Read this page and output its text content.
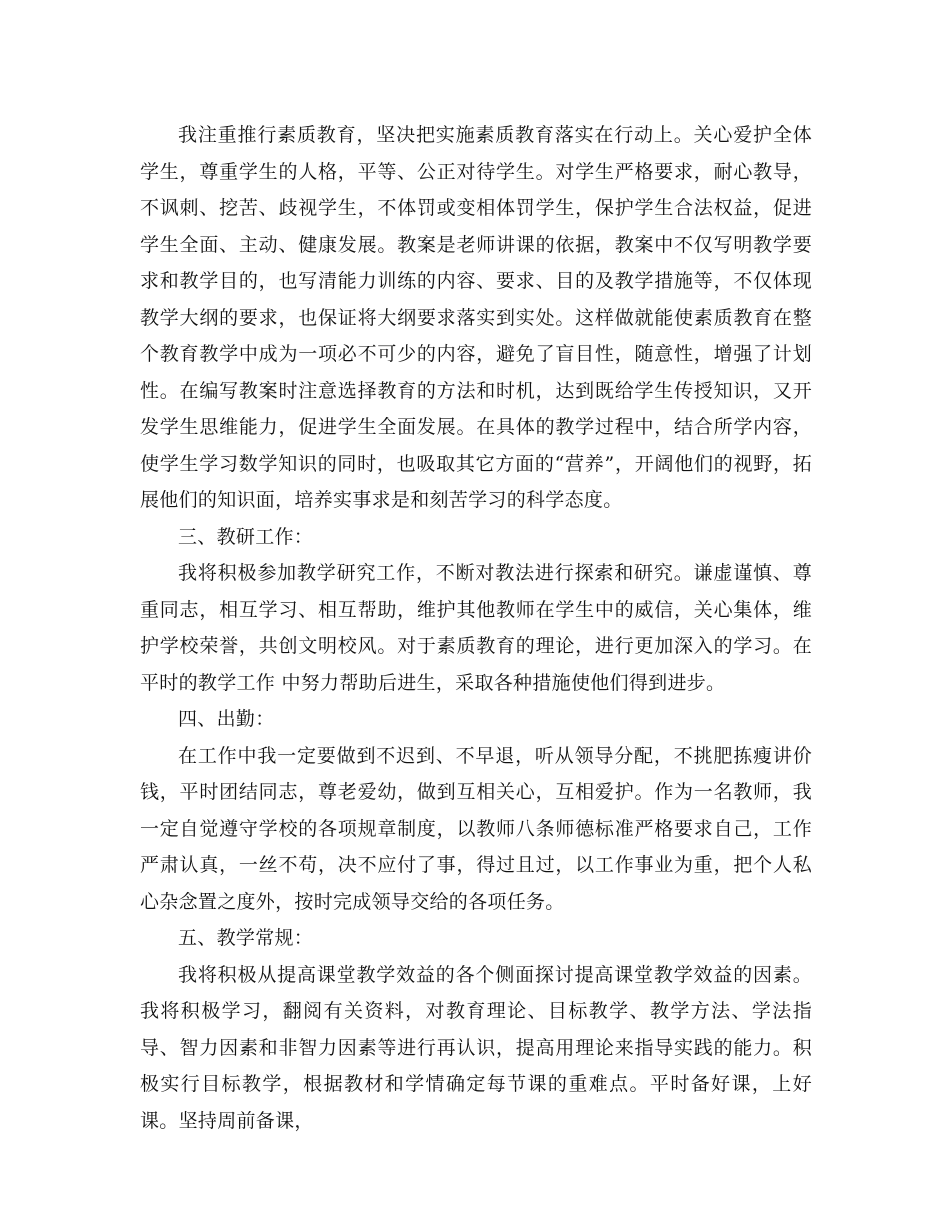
我注重推行素质教育，坚决把实施素质教育落实在行动上。关心爱护全体学生，尊重学生的人格，平等、公正对待学生。对学生严格要求，耐心教导，不讽刺、挖苦、歧视学生，不体罚或变相体罚学生，保护学生合法权益，促进学生全面、主动、健康发展。教案是老师讲课的依据，教案中不仅写明教学要求和教学目的，也写清能力训练的内容、要求、目的及教学措施等，不仅体现教学大纲的要求，也保证将大纲要求落实到实处。这样做就能使素质教育在整个教育教学中成为一项必不可少的内容，避免了盲目性，随意性，增强了计划性。在编写教案时注意选择教育的方法和时机，达到既给学生传授知识，又开发学生思维能力，促进学生全面发展。在具体的教学过程中，结合所学内容，使学生学习数学知识的同时，也吸取其它方面的“营养”，开阔他们的视野，拓展他们的知识面，培养实事求是和刻苦学习的科学态度。

三、教研工作：

我将积极参加教学研究工作，不断对教法进行探索和研究。谦虚谨慎、尊重同志，相互学习、相互帮助，维护其他教师在学生中的威信，关心集体，维护学校荣誉，共创文明校风。对于素质教育的理论，进行更加深入的学习。在平时的教学工作 中努力帮助后进生，采取各种措施使他们得到进步。

四、出勤：

在工作中我一定要做到不迟到、不早退，听从领导分配，不挑肥拣瘦讲价钱，平时团结同志，尊老爱幼，做到互相关心，互相爱护。作为一名教师，我一定自觉遵守学校的各项规章制度，以教师八条师德标准严格要求自己，工作严肃认真，一丝不苟，决不应付了事，得过且过，以工作事业为重，把个人私心杂念置之度外，按时完成领导交给的各项任务。

五、教学常规：

我将积极从提高课堂教学效益的各个侧面探讨提高课堂教学效益的因素。我将积极学习，翻阅有关资料，对教育理论、目标教学、教学方法、学法指导、智力因素和非智力因素等进行再认识，提高用理论来指导实践的能力。积极实行目标教学，根据教材和学情确定每节课的重难点。平时备好课，上好课。坚持周前备课，
